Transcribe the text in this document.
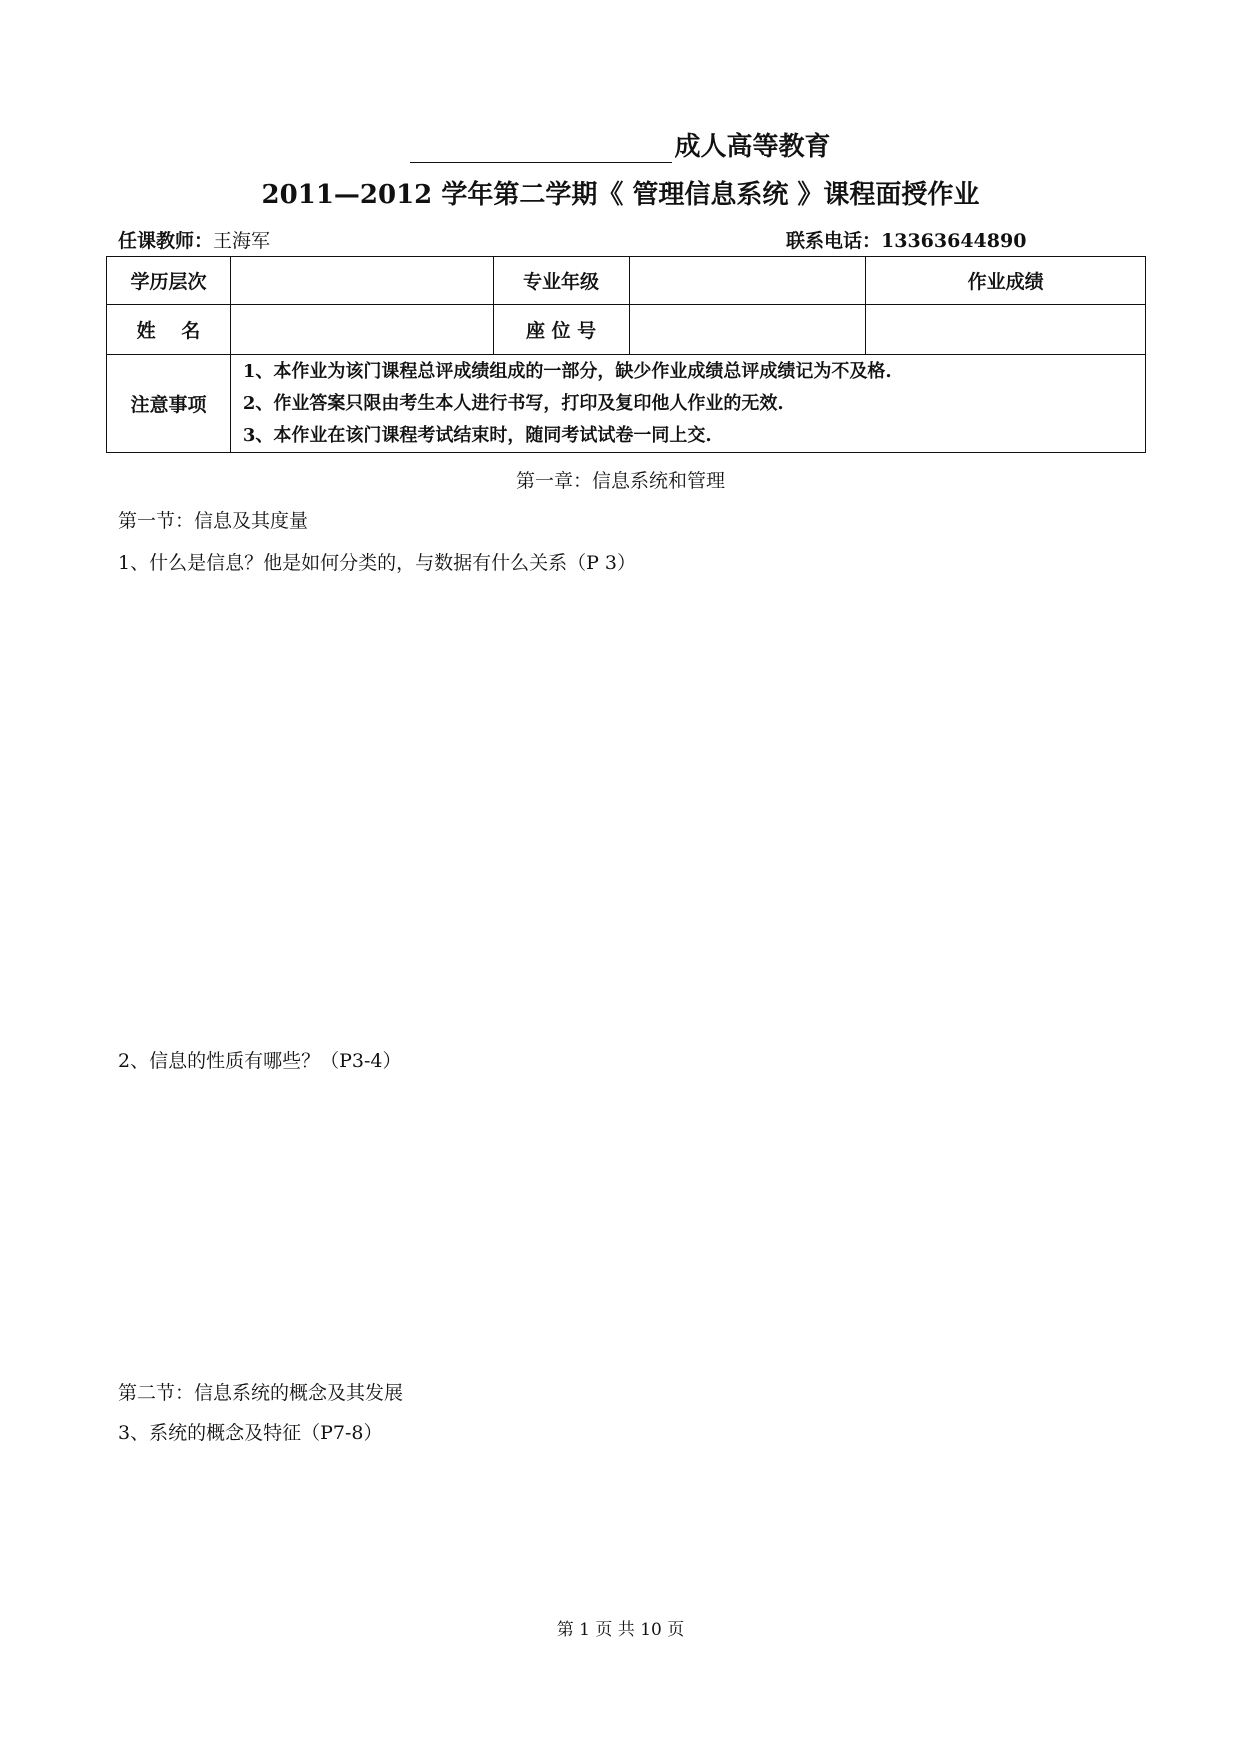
成人高等教育
2011—2012 学年第二学期《 管理信息系统 》课程面授作业
任课教师：王海军	联系电话：13363644890
学历层次		专业年级		作业成绩
姓　 名		座 位 号		
注意事项	1、本作业为该门课程总评成绩组成的一部分，缺少作业成绩总评成绩记为不及格.
2、作业答案只限由考生本人进行书写，打印及复印他人作业的无效.
3、本作业在该门课程考试结束时，随同考试试卷一同上交.			
第一章：信息系统和管理
第一节：信息及其度量
1、什么是信息？他是如何分类的，与数据有什么关系（P 3）
2、信息的性质有哪些？（P3-4）
第二节：信息系统的概念及其发展
3、系统的概念及特征（P7-8）
第 1 页 共 10 页
